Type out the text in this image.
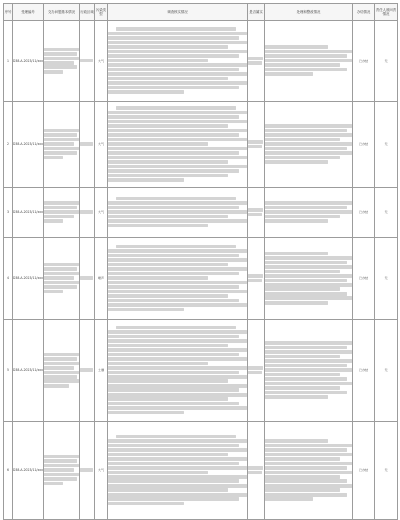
序号	受理编号	交办问题基本情况	行政区域	污染类型	调查核实情况	是否属实	处理和整改情况	办结情况	责任人被问责情况
1	D38-A-2023/11/xxx			大气				已办结	无
2	D38-A-2023/11/xxx			大气				已办结	无
3	D38-A-2023/11/xxx			大气				已办结	无
4	D38-A-2023/11/xxx			噪声				已办结	无
5	D38-A-2023/11/xxx			土壤				已办结	无
6	D38-A-2023/11/xxx			大气				已办结	无
